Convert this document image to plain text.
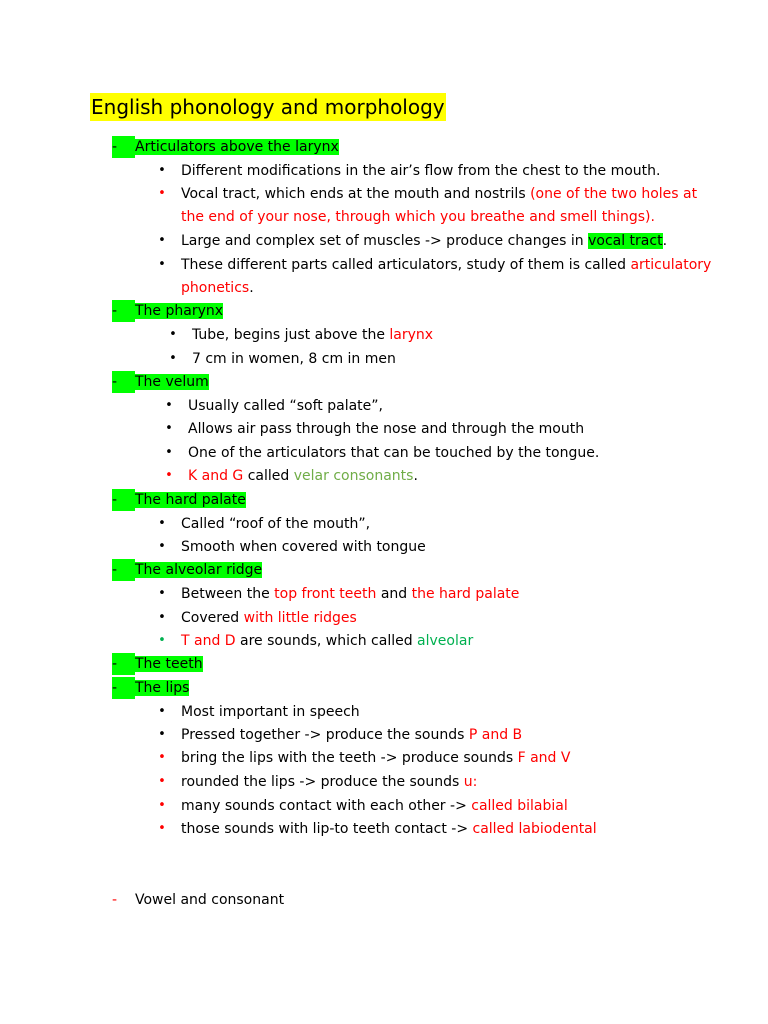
English phonology and morphology
- Articulators above the larynx
• Different modifications in the air’s flow from the chest to the mouth.
• Vocal tract, which ends at the mouth and nostrils (one of the two holes at
the end of your nose, through which you breathe and smell things).
• Large and complex set of muscles -> produce changes in vocal tract.
• These different parts called articulators, study of them is called articulatory
phonetics.
- The pharynx
• Tube, begins just above the larynx
• 7 cm in women, 8 cm in men
- The velum
• Usually called “soft palate”,
• Allows air pass through the nose and through the mouth
• One of the articulators that can be touched by the tongue.
• K and G called velar consonants.
- The hard palate
• Called “roof of the mouth”,
• Smooth when covered with tongue
- The alveolar ridge
• Between the top front teeth and the hard palate
• Covered with little ridges
• T and D are sounds, which called alveolar
- The teeth
- The lips
• Most important in speech
• Pressed together -> produce the sounds P and B
• bring the lips with the teeth -> produce sounds F and V
• rounded the lips -> produce the sounds u:
• many sounds contact with each other -> called bilabial
• those sounds with lip-to teeth contact -> called labiodental
- Vowel and consonant
